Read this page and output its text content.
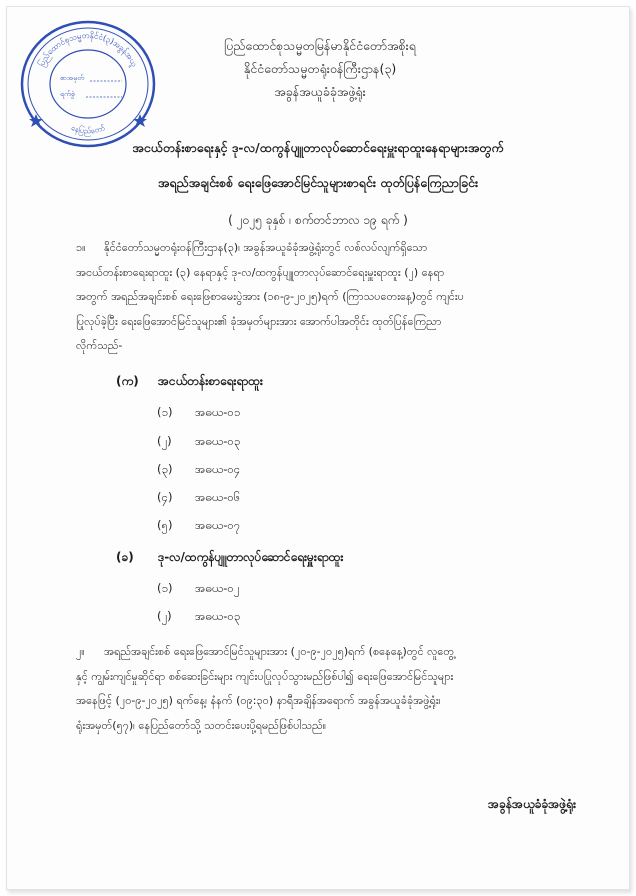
ပြည်ထောင်စုသမ္မတနိုင်ငံ(၃)အခွန်အယူ
နေပြည်တော်
စာအမှတ်
ရက်စွဲ
ပြည်ထောင်စုသမ္မတမြန်မာနိုင်ငံတော်အစိုးရ
နိုင်ငံတော်သမ္မတရုံးဝန်ကြီးဌာန(၃)
အခွန်အယူခံခုံအဖွဲ့ရုံး
အငယ်တန်းစာရေးနှင့် ဒု-လ/ထကွန်ပျူတာလုပ်ဆောင်ရေးမှူးရာထူးနေရာများအတွက်
အရည်အချင်းစစ် ရေးဖြေအောင်မြင်သူများစာရင်း ထုတ်ပြန်ကြေညာခြင်း
( ၂၀၂၅ ခုနှစ် ၊ စက်တင်ဘာလ ၁၉ ရက် )
၁။ နိုင်ငံတော်သမ္မတရုံးဝန်ကြီးဌာန(၃)၊ အခွန်အယူခံခုံအဖွဲ့ရုံးတွင် လစ်လပ်လျက်ရှိသော
အငယ်တန်းစာရေးရာထူး (၃) နေရာနှင့် ဒု-လ/ထကွန်ပျူတာလုပ်ဆောင်ရေးမှူးရာထူး (၂) နေရာ
အတွက် အရည်အချင်းစစ် ရေးဖြေစာမေးပွဲအား (၁၈-၉-၂၀၂၅)ရက် (ကြာသပတေးနေ့)တွင် ကျင်းပ
ပြုလုပ်ခဲ့ပြီး ရေးဖြေအောင်မြင်သူများ၏ ခုံအမှတ်များအား အောက်ပါအတိုင်း ထုတ်ပြန်ကြေညာ
လိုက်သည်-
(က) အငယ်တန်းစာရေးရာထူး
(၁) အဓယ-၀၁
(၂) အဓယ-၀၃
(၃) အဓယ-၀၄
(၄) အဓယ-၀၆
(၅) အဓယ-၀၇
(ခ) ဒု-လ/ထကွန်ပျူတာလုပ်ဆောင်ရေးမှူးရာထူး
(၁) အဓယ-၀၂
(၂) အဓယ-၀၃
၂။ အရည်အချင်းစစ် ရေးဖြေအောင်မြင်သူများအား (၂၀-၉-၂၀၂၅)ရက် (စနေနေ့)တွင် လူတွေ့
နှင့် ကျွမ်းကျင်မှုဆိုင်ရာ စစ်ဆေးခြင်းများ ကျင်းပပြုလုပ်သွားမည်ဖြစ်ပါ၍ ရေးဖြေအောင်မြင်သူများ
အနေဖြင့် (၂၀-၉-၂၀၂၅) ရက်နေ့၊ နံနက် (၀၉:၃၀) နာရီအချိန်အရောက် အခွန်အယူခံခုံအဖွဲ့ရုံး၊
ရုံးအမှတ်(၅၇)၊ နေပြည်တော်သို့ သတင်းပေးပို့ရမည်ဖြစ်ပါသည်။
အခွန်အယူခံခုံအဖွဲ့ရုံး
